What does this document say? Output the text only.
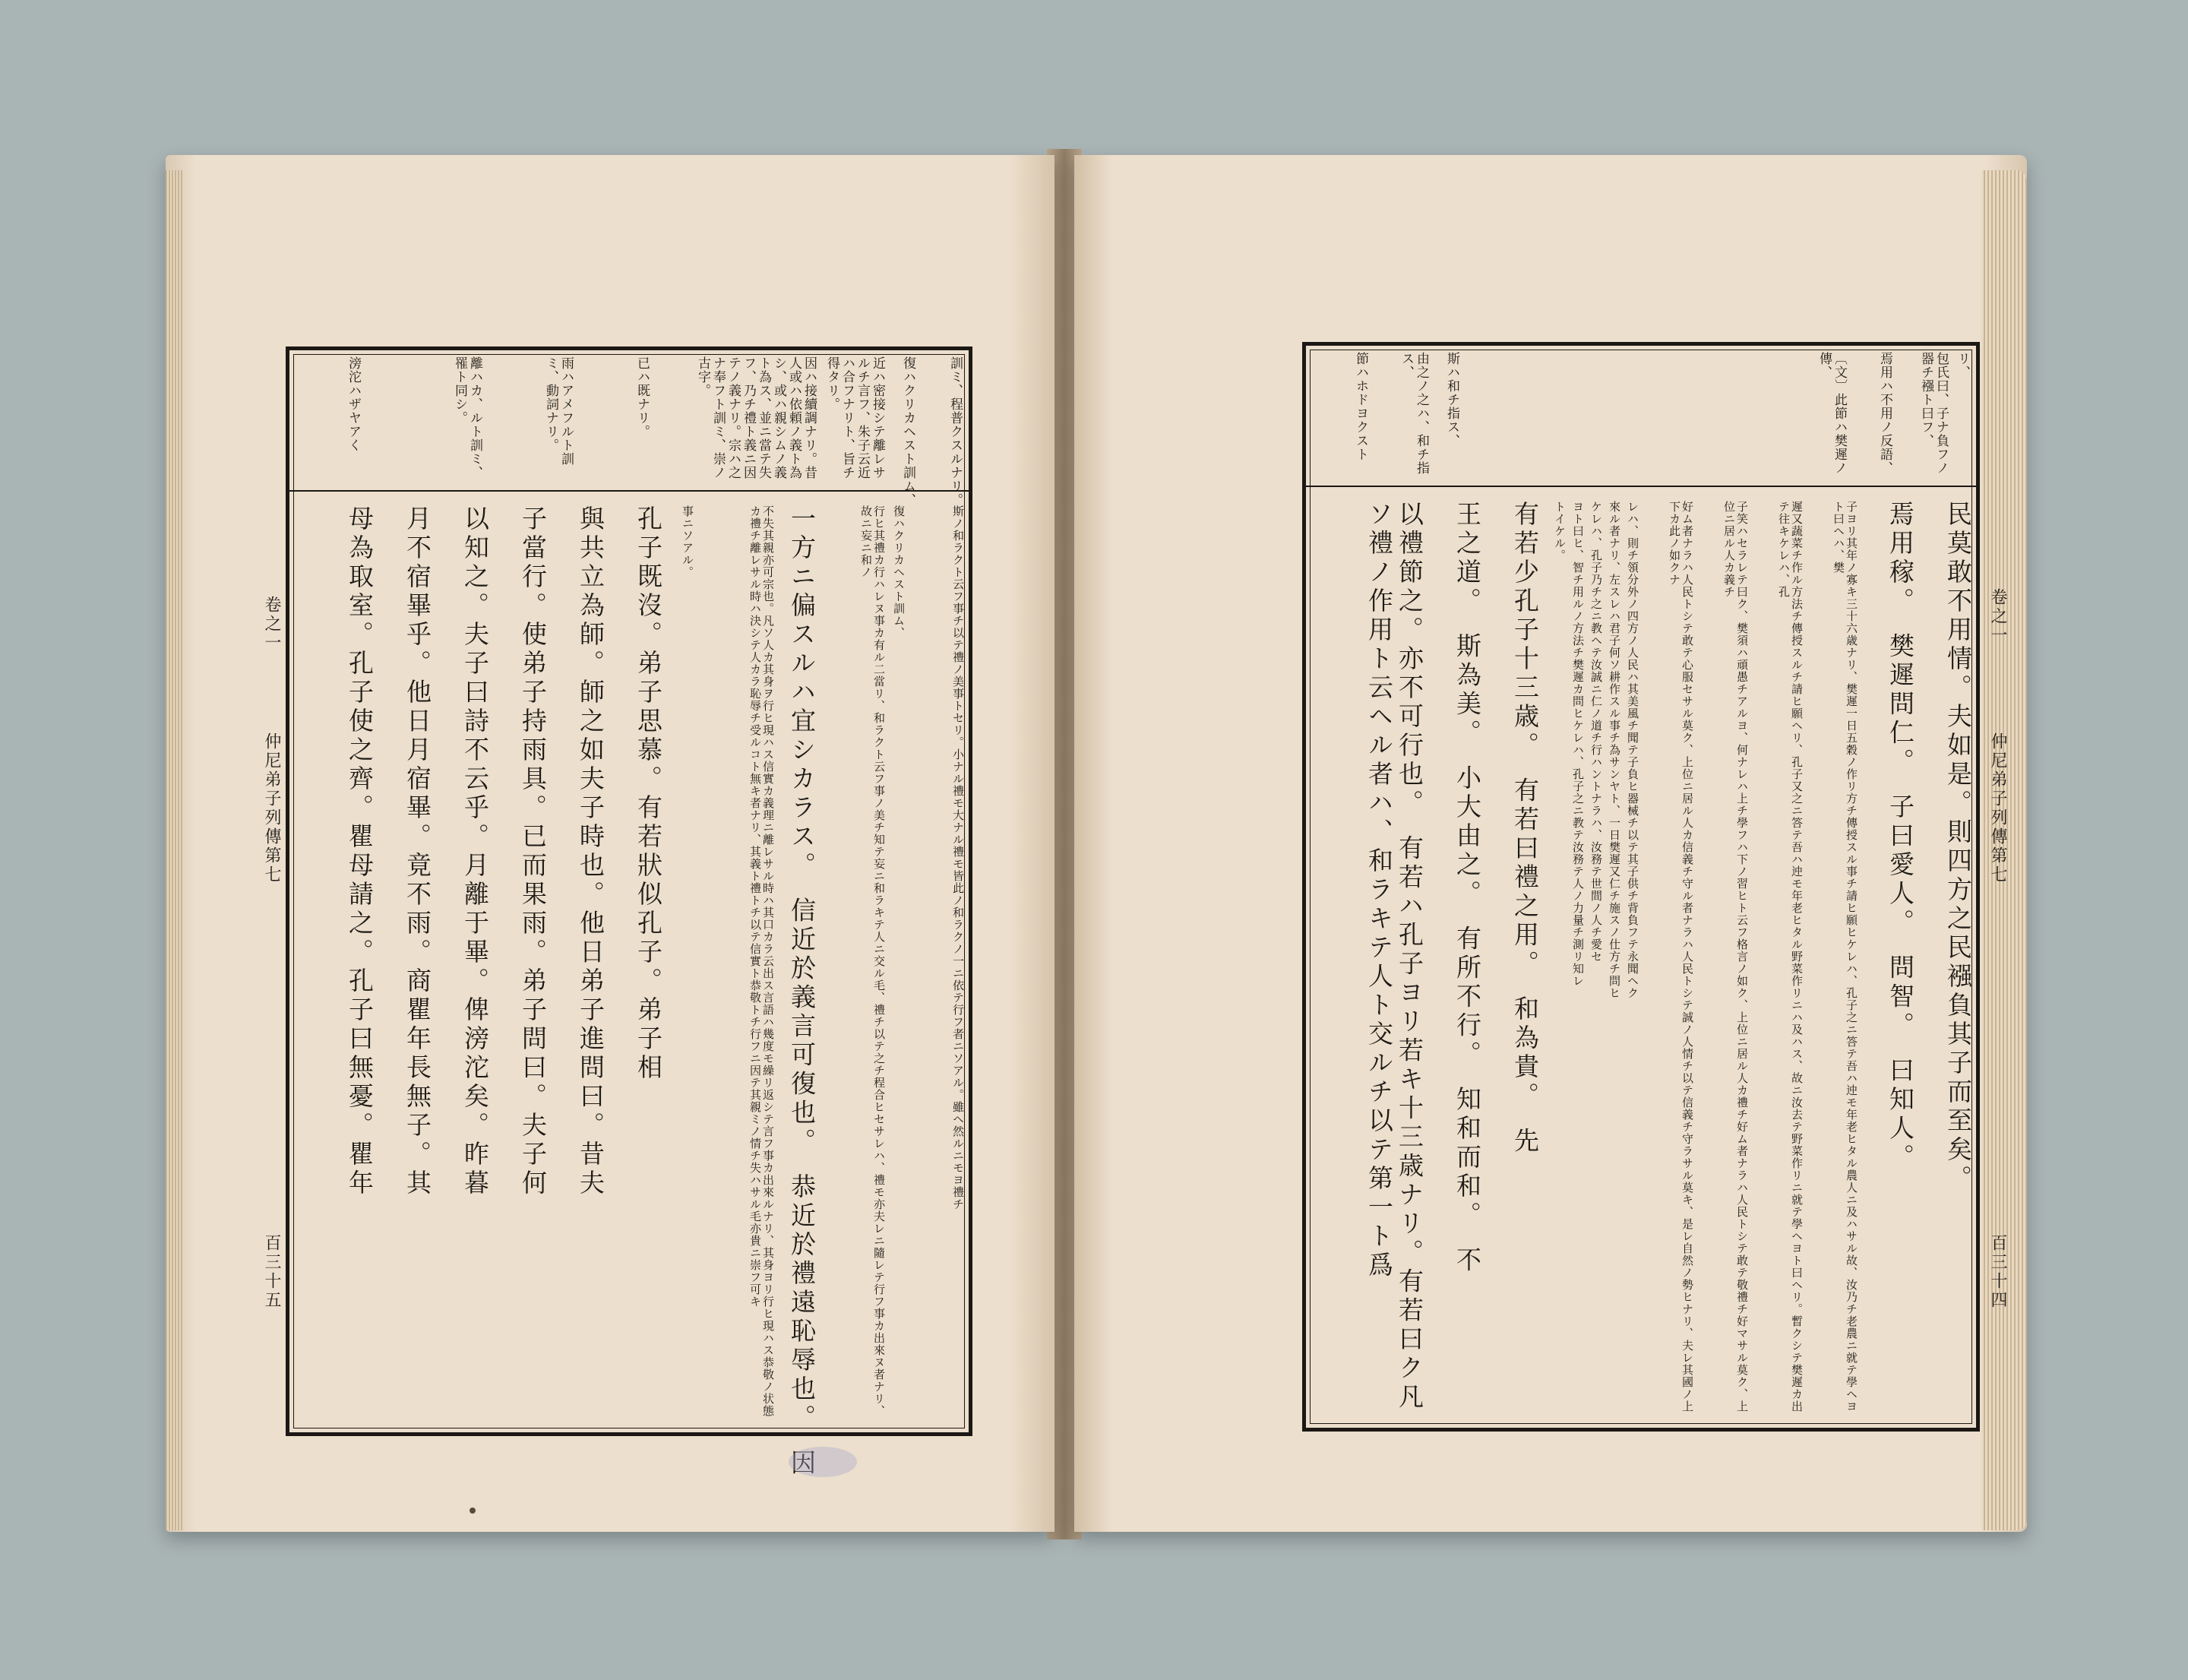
卷之一
仲尼弟子列傳第七
百三十五
訓ミ、程普クスルナリ。
復ハクリカヘスト訓ム、
近ハ密接シテ離レサルチ言フ、朱子云近ハ合フナリト、旨チ得タリ。
因ハ接續調ナリ。昔人或ハ依頼ノ義ト為シ、或ハ親シムノ義ト為ス、並ニ當テ失フ、乃チ禮ト義ニ因テノ義ナリ。宗ハ之ナ奉フト訓ミ、崇ノ古字。
已ハ既ナリ。
雨ハアメフルト訓ミ、動詞ナリ。
離ハカ、ルト訓ミ、罹ト同シ。
滂沱ハザヤアく
斯ノ和ラクト云フ事チ以テ禮ノ美事トセリ。小ナル禮モ大ナル禮モ皆此ノ和ラクノ一ニ依テ行フ者ニソアル。雖ヘ然ルニモヨ禮チ
復ハクリカヘスト訓ム、
行ヒ其禮カ行ハレヌ事カ有ル二當リ、和ラクト云フ事ノ美チ知テ妄ニ和ラキテ人ニ交ル毛、禮チ以テ之チ程合ヒセサレハ、禮モ亦夫レニ隨レテ行フ事カ出來ヌ者ナリ、故ニ妄ニ和ノ
一方ニ偏スルハ宜シカラス。　信近於義言可復也。　恭近於禮遠恥辱也。　因
不失其親亦可宗也。凡ソ人カ其身ヲ行ヒ現ハス信實カ義理ニ離レサル時ハ其口カラ云出ス言語ハ幾度モ繰リ返シテ言フ事カ出來ルナリ、其身ヨリ行ヒ現ハス恭敬ノ状態カ禮チ離レサル時ハ決シテ人カラ恥辱チ受ルコト無キ者ナリ、其義ト禮トチ以テ信實ト恭敬トチ行フニ因テ其親ミノ情チ失ハサル毛亦貴ニ崇フ可キ
事ニソアル。
孔子既沒。弟子思慕。有若狀似孔子。弟子相
與共立為師。師之如夫子時也。他日弟子進問曰。昔夫
子當行。使弟子持雨具。已而果雨。弟子問曰。夫子何
以知之。夫子曰詩不云乎。月離于畢。俾滂沱矣。昨暮
月不宿畢乎。他日月宿畢。竟不雨。商瞿年長無子。其
母為取室。孔子使之齊。瞿母請之。孔子曰無憂。瞿年	卷之一
仲尼弟子列傳第七
百三十四
リ、
包氏曰、子ナ負フノ器チ襁ト曰フ、
焉用ハ不用ノ反語、
〔文〕此節ハ樊遲ノ傳、
斯ハ和チ指ス、
由之ノ之ハ、和チ指ス、
節ハホドヨクスト
民莫敢不用情。夫如是。則四方之民襁負其子而至矣。
焉用稼。　樊遲問仁。　子曰愛人。　問智。　曰知人。
子ヨリ其年ノ寡キ三十六歳ナリ、樊遲一日五穀ノ作リ方チ傳授スル事チ請ヒ願ヒケレハ、孔子之ニ答テ吾ハ迚モ年老ヒタル農人ニ及ハサル故、汝乃チ老農ニ就テ學ヘヨト曰ヘハ、樊
遲又蔬菜チ作ル方法チ傳授スルチ請ヒ願ヘリ、孔子又之ニ答テ吾ハ迚モ年老ヒタル野菜作リニハ及ハス、故ニ汝去テ野菜作リニ就テ學ヘヨト曰ヘリ。暫クシテ樊遲カ出テ往キケレハ、孔
子笑ハセラレテ曰ク、樊須ハ頑愚チアルヨ、何ナレハ上チ學フハ下ノ習ヒト云フ格言ノ如ク、上位ニ居ル人カ禮チ好ム者ナラハ人民トシテ敢テ敬禮チ好マサル莫ク、上位ニ居ル人カ義チ
好ム者ナラハ人民トシテ敢テ心服セサル莫ク、上位ニ居ル人カ信義チ守ル者ナラハ人民トシテ誠ノ人情チ以テ信義チ守ラサル莫キ、是レ自然ノ勢ヒナリ、夫レ其國ノ上下カ此ノ如クナ
レハ、則チ領分外ノ四方ノ人民ハ其美風チ聞テ子負ヒ器械チ以テ其子供チ背負フテ永聞ヘク
來ル者ナリ、左スレハ君子何ソ耕作スル事チ為サンヤト、一日樊遲又仁チ施スノ仕方チ問ヒ
ケレハ、孔子乃チ之ニ教ヘテ汝誠ニ仁ノ道チ行ハントナラハ、汝務テ世間ノ人チ愛セ
ヨト曰ヒ、智チ用ルノ方法チ樊遲カ問ヒケレハ、孔子之ニ教テ汝務テ人ノ力量チ測リ知レ
トイケル。
有若少孔子十三歳。　有若曰禮之用。　和為貴。　先
王之道。　斯為美。　小大由之。　有所不行。　知和而和。　不
以禮節之。亦不可行也。　有若ハ孔子ヨリ若キ十三歳ナリ。有若曰ク凡ソ禮ノ作用ト云ヘル者ハ、和ラキテ人ト交ルチ以テ第一ト爲
